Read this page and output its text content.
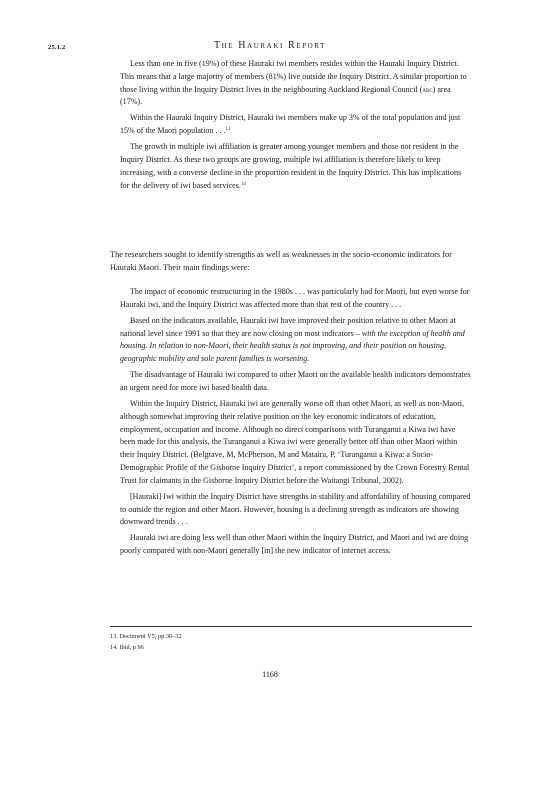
25.1.2	The Hauraki Report

Less than one in five (19%) of these Hauraki iwi members resides within the Hauraki Inquiry District. This means that a large majority of members (81%) live outside the Inquiry District. A similar proportion to those living within the Inquiry District lives in the neighbouring Auckland Regional Council (arc) area (17%).

Within the Hauraki Inquiry District, Hauraki iwi members make up 3% of the total population and just 15% of the Maori population . . .$^{13}$

The growth in multiple iwi affiliation is greater among younger members and those not resident in the Inquiry District. As these two groups are growing, multiple iwi affiliation is therefore likely to keep increasing, with a converse decline in the proportion resident in the Inquiry District. This has implications for the delivery of iwi based services.$^{14}$

The researchers sought to identify strengths as well as weaknesses in the socio-economic indicators for Hauraki Maori. Their main findings were:

The impact of economic restructuring in the 1980s . . . was particularly bad for Maori, but even worse for Hauraki iwi, and the Inquiry District was affected more than that rest of the country . . .

Based on the indicators available, Hauraki iwi have improved their position relative to other Maori at national level since 1991 so that they are now closing on most indicators – with the exception of health and housing. In relation to non-Maori, their health status is not improving, and their position on housing, geographic mobility and sole parent families is worsening.

The disadvantage of Hauraki iwi compared to other Maori on the available health indicators demonstrates an urgent need for more iwi based health data.

Within the Inquiry District, Hauraki iwi are generally worse off than other Maori, as well as non-Maori, although somewhat improving their relative position on the key economic indicators of education, employment, occupation and income. Although no direct comparisons with Turanganui a Kiwa iwi have been made for this analysis, the Turanganui a Kiwa iwi were generally better off than other Maori within their Inquiry District. (Belgrave, M, McPherson, M and Mataira, P, ‘Turanganui a Kiwa: a Socio-Demographic Profile of the Gisborne Inquiry District’, a report commissioned by the Crown Forestry Rental Trust for claimants in the Gisborne Inquiry District before the Waitangi Tribunal, 2002).

[Hauraki] Iwi within the Inquiry District have strengths in stability and affordability of housing compared to outside the region and other Maori. However, housing is a declining strength as indicators are showing downward trends . . .

Hauraki iwi are doing less well than other Maori within the Inquiry District, and Maori and iwi are doing poorly compared with non-Maori generally [in] the new indicator of internet access.

13. Document V5, pp 30–32
14. Ibid, p 96
1168
